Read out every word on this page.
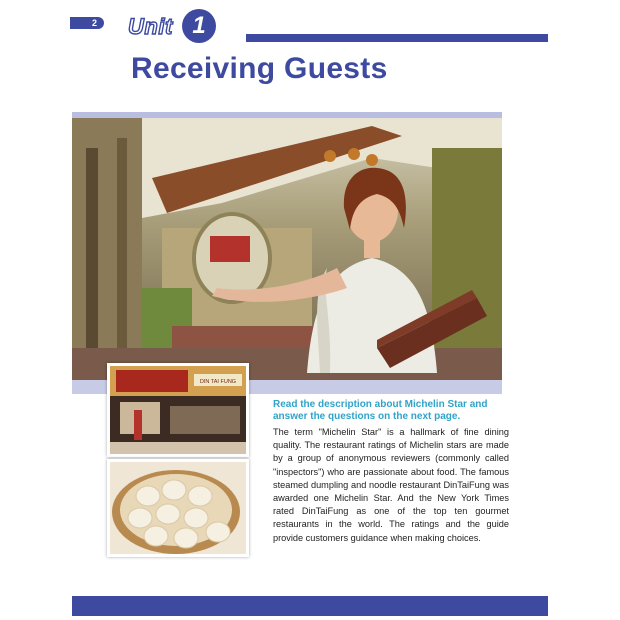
2	Unit 1
Receiving Guests
DIN TAI FUNG
Read the description about Michelin Star and answer the questions on the next page.
The term "Michelin Star" is a hallmark of fine dining quality. The restaurant ratings of Michelin stars are made by a group of anonymous reviewers (commonly called "inspectors") who are passionate about food. The famous steamed dumpling and noodle restaurant DinTaiFung was awarded one Michelin Star. And the New York Times rated DinTaiFung as one of the top ten gourmet restaurants in the world. The ratings and the guide provide customers guidance when making choices.
